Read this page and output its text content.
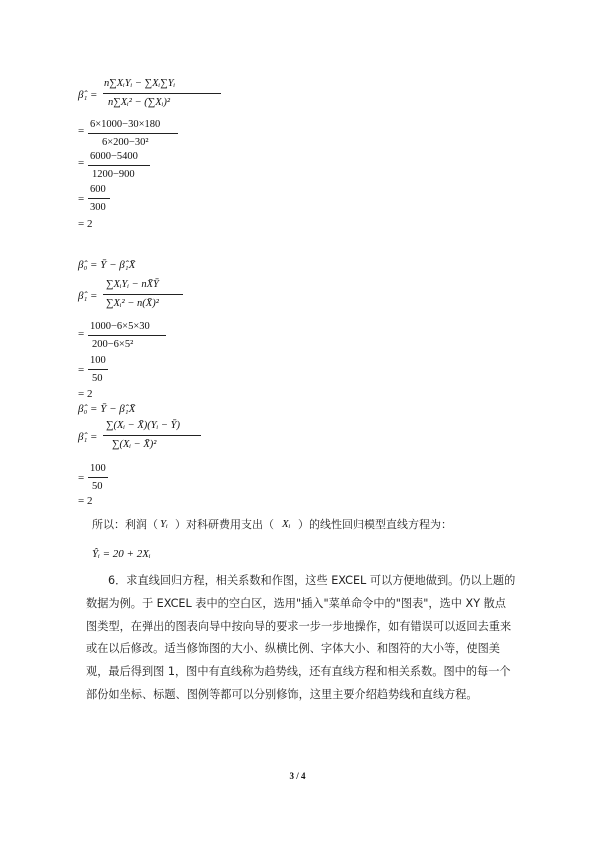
β̂₁ =
n∑XᵢYᵢ − ∑Xᵢ∑Yᵢ
n∑Xᵢ² − (∑Xᵢ)²
=
6×1000−30×180
6×200−30²
=
6000−5400
1200−900
=
600
300
= 2
β̂₀ = Ȳ − β̂₁X̄
β̂₁ =
∑XᵢYᵢ − nX̄Ȳ
∑Xᵢ² − n(X̄)²
=
1000−6×5×30
200−6×5²
=
100
50
= 2
β̂₀ = Ȳ − β̂₁X̄
β̂₁ =
∑(Xᵢ − X̄)(Yᵢ − Ȳ)
∑(Xᵢ − X̄)²
=
100
50
= 2
所以：利润（ Yᵢ ）对科研费用支出（ Xᵢ ）的线性回归模型直线方程为：
Ŷᵢ = 20 + 2Xᵢ
6．求直线回归方程，相关系数和作图，这些 EXCEL 可以方便地做到。仍以上题的数据为例。于 EXCEL 表中的空白区，选用"插入"菜单命令中的"图表"，选中 XY 散点图类型，在弹出的图表向导中按向导的要求一步一步地操作，如有错误可以返回去重来或在以后修改。适当修饰图的大小、纵横比例、字体大小、和图符的大小等，使图美观，最后得到图 1，图中有直线称为趋势线，还有直线方程和相关系数。图中的每一个部份如坐标、标题、图例等都可以分别修饰，这里主要介绍趋势线和直线方程。
3 / 4
